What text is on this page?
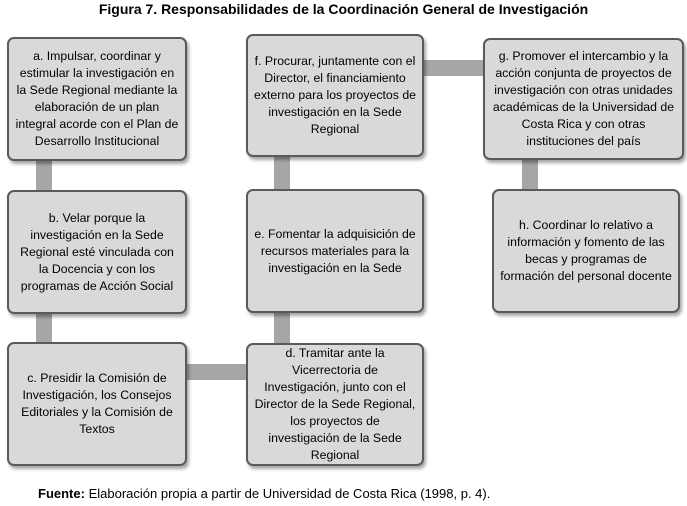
Figura 7. Responsabilidades de la Coordinación General de Investigación
a. Impulsar, coordinar y estimular la investigación en la Sede Regional mediante la elaboración de un plan integral acorde con el Plan de Desarrollo Institucional
b. Velar porque la investigación en la Sede Regional esté vinculada con la Docencia y con los programas de Acción Social
c. Presidir la Comisión de Investigación, los Consejos Editoriales y la Comisión de Textos
d. Tramitar ante la Vicerrectoria de Investigación, junto con el Director de la Sede Regional, los proyectos de investigación de la Sede Regional
e. Fomentar la adquisición de recursos materiales para la investigación en la Sede
f. Procurar, juntamente con el Director, el financiamiento externo para los proyectos de investigación en la Sede Regional
g. Promover el intercambio y la acción conjunta de proyectos de investigación con otras unidades académicas de la Universidad de Costa Rica y con otras instituciones del país
h. Coordinar lo relativo a información y fomento de las becas y programas de formación del personal docente
Fuente: Elaboración propia a partir de Universidad de Costa Rica (1998, p. 4).
